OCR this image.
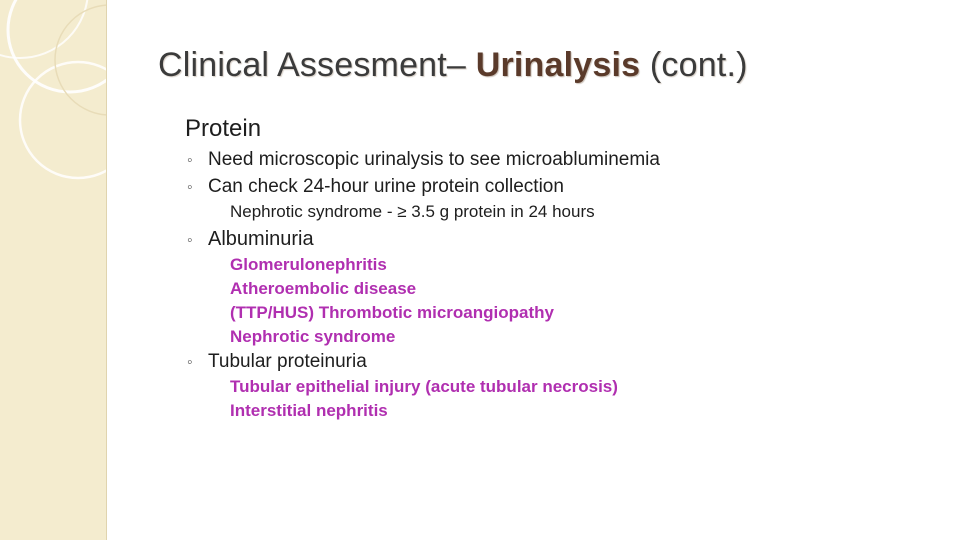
Clinical Assesment– Urinalysis (cont.)
Protein
◦ Need microscopic urinalysis to see microabluminemia
◦ Can check 24-hour urine protein collection
Nephrotic syndrome - ≥ 3.5 g protein in 24 hours
◦ Albuminuria
Glomerulonephritis
Atheroembolic disease
(TTP/HUS) Thrombotic microangiopathy
Nephrotic syndrome
◦ Tubular proteinuria
Tubular epithelial injury (acute tubular necrosis)
Interstitial nephritis
